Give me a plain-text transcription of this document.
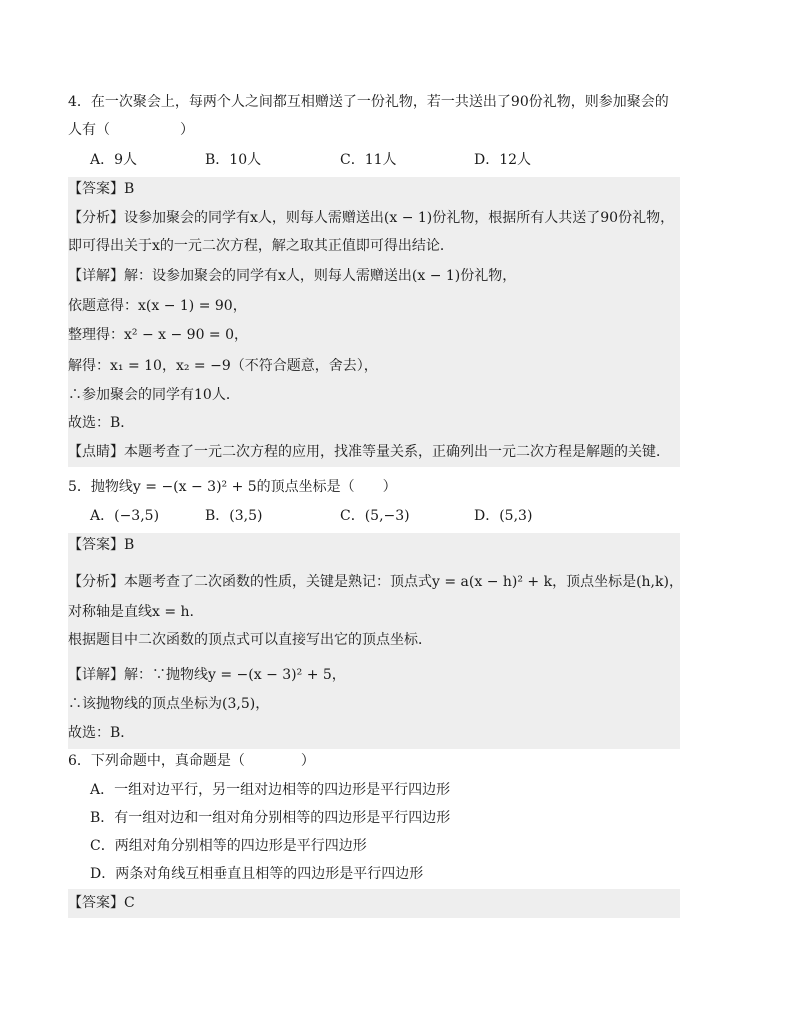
4．在一次聚会上，每两个人之间都互相赠送了一份礼物，若一共送出了90份礼物，则参加聚会的
人有（　　　　　）
A．9人	B．10人	C．11人	D．12人
【答案】B
【分析】设参加聚会的同学有x人，则每人需赠送出(x − 1)份礼物，根据所有人共送了90份礼物，
即可得出关于x的一元二次方程，解之取其正值即可得出结论．
【详解】解：设参加聚会的同学有x人，则每人需赠送出(x − 1)份礼物，
依题意得：x(x − 1) = 90，
整理得：x² − x − 90 = 0，
解得：x₁ = 10，x₂ = −9（不符合题意，舍去），
∴参加聚会的同学有10人．
故选：B．
【点睛】本题考查了一元二次方程的应用，找准等量关系，正确列出一元二次方程是解题的关键．
5．抛物线y = −(x − 3)² + 5的顶点坐标是（　　）
A．(−3,5)	B．(3,5)	C．(5,−3)	D．(5,3)
【答案】B
【分析】本题考查了二次函数的性质，关键是熟记：顶点式y = a(x − h)² + k，顶点坐标是(h,k)，
对称轴是直线x = h.
根据题目中二次函数的顶点式可以直接写出它的顶点坐标．
【详解】解：∵抛物线y = −(x − 3)² + 5，
∴该抛物线的顶点坐标为(3,5)，
故选：B．
6．下列命题中，真命题是（　　　　）
A．一组对边平行，另一组对边相等的四边形是平行四边形
B．有一组对边和一组对角分别相等的四边形是平行四边形
C．两组对角分别相等的四边形是平行四边形
D．两条对角线互相垂直且相等的四边形是平行四边形
【答案】C
